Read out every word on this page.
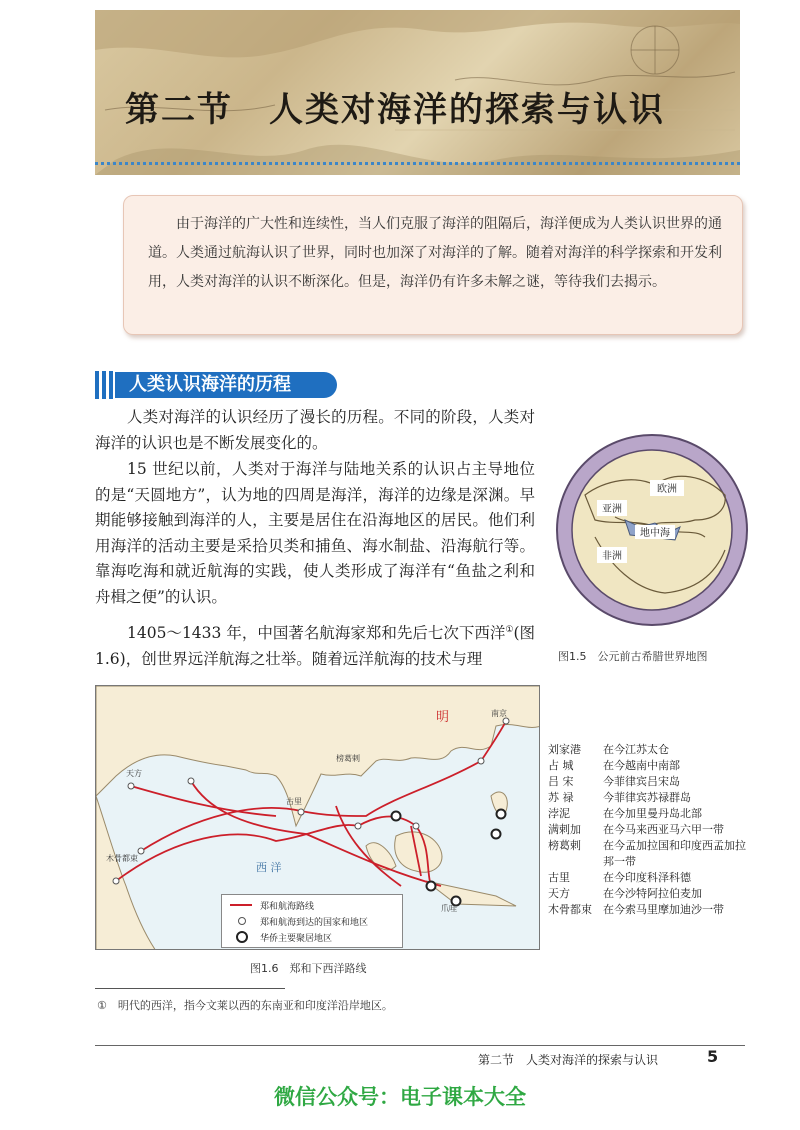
第二节　人类对海洋的探索与认识
由于海洋的广大性和连续性，当人们克服了海洋的阻隔后，海洋便成为人类认识世界的通道。人类通过航海认识了世界，同时也加深了对海洋的了解。随着对海洋的科学探索和开发利用，人类对海洋的认识不断深化。但是，海洋仍有许多未解之谜，等待我们去揭示。
人类认识海洋的历程

人类对海洋的认识经历了漫长的历程。不同的阶段，人类对海洋的认识也是不断发展变化的。

15 世纪以前，人类对于海洋与陆地关系的认识占主导地位的是“天圆地方”，认为地的四周是海洋，海洋的边缘是深渊。早期能够接触到海洋的人，主要是居住在沿海地区的居民。他们利用海洋的活动主要是采拾贝类和捕鱼、海水制盐、沿海航行等。靠海吃海和就近航海的实践，使人类形成了海洋有“鱼盐之利和舟楫之便”的认识。

1405～1433 年，中国著名航海家郑和先后七次下西洋①(图1.6)，创世界远洋航海之壮举。随着远洋航海的技术与理

欧洲
亚洲
地中海
非洲
图1.5　公元前古希腊世界地图
明	南京
西 洋
天方
木骨都束
古里
爪哇
榜葛剌
郑和航海路线
郑和航海到达的国家和地区
华侨主要聚居地区
图1.6　郑和下西洋路线
刘家港	在今江苏太仓
占 城	在今越南中南部
吕 宋	今菲律宾吕宋岛
苏 禄	今菲律宾苏禄群岛
浡泥	在今加里曼丹岛北部
满剌加	在今马来西亚马六甲一带
榜葛剌	在今孟加拉国和印度西孟加拉邦一带
古里	在今印度科泽科德
天方	在今沙特阿拉伯麦加
木骨都束	在今索马里摩加迪沙一带
①　明代的西洋，指今文莱以西的东南亚和印度洋沿岸地区。
第二节　人类对海洋的探索与认识	5
微信公众号：电子课本大全
